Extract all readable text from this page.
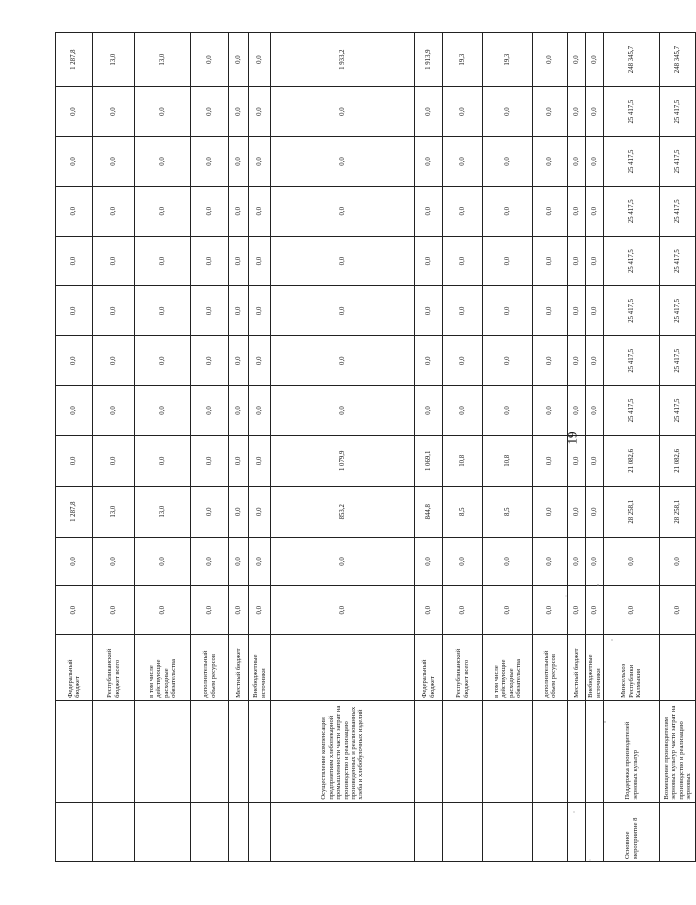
		Федеральный бюджет	0,0	0,0	1 287,8	0,0	0,0	0,0	0,0	0,0	0,0	0,0	0,0	1 287,8
		Республиканский бюджет всего	0,0	0,0	13,0	0,0	0,0	0,0	0,0	0,0	0,0	0,0	0,0	13,0
		в том числе действующие расходные обязательства	0,0	0,0	13,0	0,0	0,0	0,0	0,0	0,0	0,0	0,0	0,0	13,0
		дополнительный объем ресурсов	0,0	0,0	0,0	0,0	0,0	0,0	0,0	0,0	0,0	0,0	0,0	0,0
		Местный бюджет	0,0	0,0	0,0	0,0	0,0	0,0	0,0	0,0	0,0	0,0	0,0	0,0
		Внебюджетные источники	0,0	0,0	0,0	0,0	0,0	0,0	0,0	0,0	0,0	0,0	0,0	0,0
	Осуществление компенсации предприятиям хлебопекарной промышленности части затрат на производство и реализацию произведенных и реализованных хлеба и хлебобулочных изделий		0,0	0,0	853,2	1 079,9	0,0	0,0	0,0	0,0	0,0	0,0	0,0	1 933,2
		Федеральный бюджет	0,0	0,0	844,8	1 069,1	0,0	0,0	0,0	0,0	0,0	0,0	0,0	1 913,9
		Республиканский бюджет всего	0,0	0,0	8,5	10,8	0,0	0,0	0,0	0,0	0,0	0,0	0,0	19,3
		в том числе действующие расходные обязательства	0,0	0,0	8,5	10,8	0,0	0,0	0,0	0,0	0,0	0,0	0,0	19,3
		дополнительный объем ресурсов	0,0	0,0	0,0	0,0	0,0	0,0	0,0	0,0	0,0	0,0	0,0	0,0
		Местный бюджет	0,0	0,0	0,0	0,0	0,0	0,0	0,0	0,0	0,0	0,0	0,0	0,0
		Внебюджетные источники	0,0	0,0	0,0	0,0	0,0	0,0	0,0	0,0	0,0	0,0	0,0	0,0
Основное мероприятие 8	Поддержка производителей зерновых культур	Минсельхоз Республики Калмыкия	0,0	0,0	28 258,1	21 082,6	25 417,5	25 417,5	25 417,5	25 417,5	25 417,5	25 417,5	25 417,5	248 345,7
	Возмещение производителям зерновых культур части затрат на производство и реализацию зерновых		0,0	0,0	28 258,1	21 082,6	25 417,5	25 417,5	25 417,5	25 417,5	25 417,5	25 417,5	25 417,5	248 345,7
19
